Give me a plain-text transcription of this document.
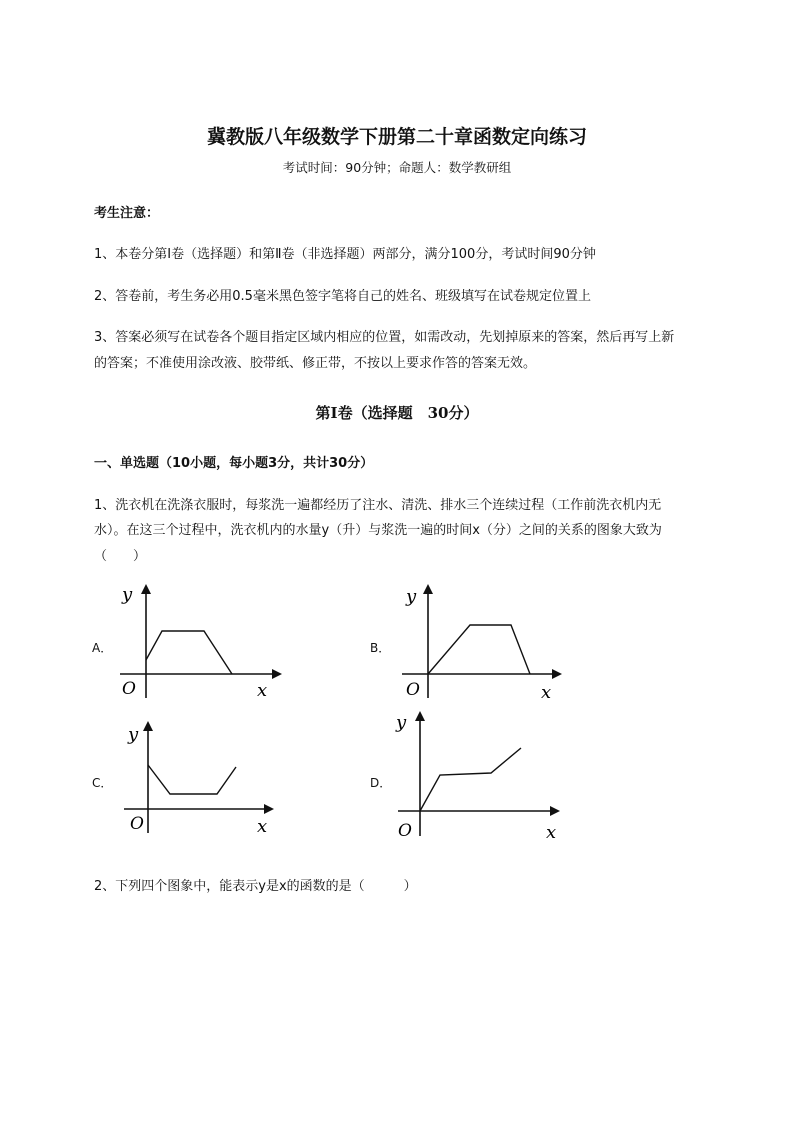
冀教版八年级数学下册第二十章函数定向练习
考试时间：90分钟；命题人：数学教研组
考生注意：
1、本卷分第Ⅰ卷（选择题）和第Ⅱ卷（非选择题）两部分，满分100分，考试时间90分钟
2、答卷前，考生务必用0.5毫米黑色签字笔将自己的姓名、班级填写在试卷规定位置上
3、答案必须写在试卷各个题目指定区域内相应的位置，如需改动，先划掉原来的答案，然后再写上新
的答案；不准使用涂改液、胶带纸、修正带，不按以上要求作答的答案无效。
第Ⅰ卷（选择题　30分）
一、单选题（10小题，每小题3分，共计30分）
1、洗衣机在洗涤衣服时，每浆洗一遍都经历了注水、清洗、排水三个连续过程（工作前洗衣机内无
水）。在这三个过程中，洗衣机内的水量y（升）与浆洗一遍的时间x（分）之间的关系的图象大致为
（　　）
A．	B．
C．	D．
y
x
O
y
x
O
y
x
O
y
x
O
2、下列四个图象中，能表示y是x的函数的是（　　　）
